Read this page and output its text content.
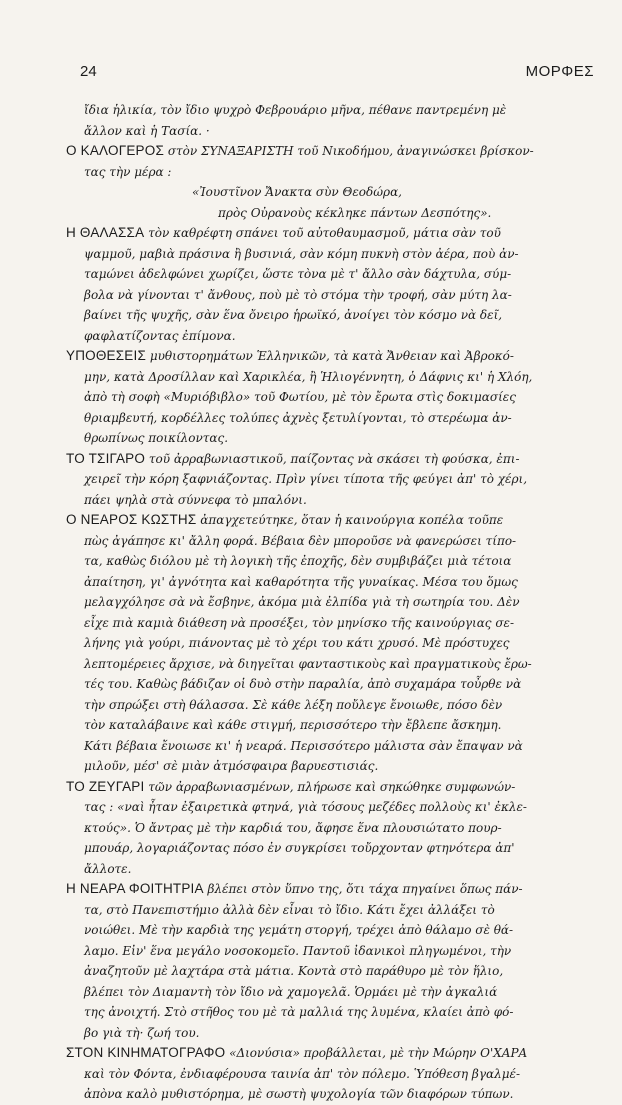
24	ΜΟΡΦΕΣ
ἴδια ἡλικία, τὸν ἴδιο ψυχρὸ Φεβρουάριο μῆνα, πέθανε παντρεμένη μὲ
ἄλλον καὶ ἡ Τασία. ·
Ο ΚΑΛΟΓΕΡΟΣ στὸν ΣΥΝΑΞΑΡΙΣΤΗ τοῦ Νικοδήμου, ἀναγινώσκει βρίσκον-
τας τὴν μέρα :
«Ἰουστῖνον Ἄνακτα σὺν Θεοδώρα,
πρὸς Οὐρανοὺς κέκληκε πάντων Δεσπότης».
Η ΘΑΛΑΣΣΑ τὸν καθρέφτη σπάνει τοῦ αὐτοθαυμασμοῦ, μάτια σὰν τοῦ
ψαμμοῦ, μαβιὰ πράσινα ἢ βυσινιά, σὰν κόμη πυκνὴ στὸν ἀέρα, ποὺ ἀν-
ταμώνει ἀδελφώνει χωρίζει, ὥστε τὸνα μὲ τ' ἄλλο σὰν δάχτυλα, σύμ-
βολα νὰ γίνονται τ' ἄνθους, ποὺ μὲ τὸ στόμα τὴν τροφή, σὰν μύτη λα-
βαίνει τῆς ψυχῆς, σὰν ἕνα ὄνειρο ἡρωϊκό, ἀνοίγει τὸν κόσμο νὰ δεῖ,
φαφλατίζοντας ἐπίμονα.
ΥΠΟΘΕΣΕΙΣ μυθιστορημάτων Ἑλληνικῶν, τὰ κατὰ Ἄνθειαν καὶ Ἀβροκό-
μην, κατὰ Δροσίλλαν καὶ Χαρικλέα, ἢ Ἡλιογέννητη, ὁ Δάφνις κι' ἡ Χλόη,
ἀπὸ τὴ σοφὴ «Μυριόβιβλο» τοῦ Φωτίου, μὲ τὸν ἔρωτα στὶς δοκιμασίες
θριαμβευτή, κορδέλλες τολύπες ἀχνὲς ξετυλίγονται, τὸ στερέωμα ἀν-
θρωπίνως ποικίλοντας.
ΤΟ ΤΣΙΓΑΡΟ τοῦ ἀρραβωνιαστικοῦ, παίζοντας νὰ σκάσει τὴ φούσκα, ἐπι-
χειρεῖ τὴν κόρη ξαφνιάζοντας. Πρὶν γίνει τίποτα τῆς φεύγει ἀπ' τὸ χέρι,
πάει ψηλὰ στὰ σύννεφα τὸ μπαλόνι.
Ο ΝΕΑΡΟΣ ΚΩΣΤΗΣ ἀπαγχετεύτηκε, ὅταν ἡ καινούργια κοπέλα τοῦπε
πὼς ἀγάπησε κι' ἄλλη φορά. Βέβαια δὲν μποροῦσε νὰ φανερώσει τίπο-
τα, καθὼς διόλου μὲ τὴ λογικὴ τῆς ἐποχῆς, δὲν συμβιβάζει μιὰ τέτοια
ἀπαίτηση, γι' ἀγνότητα καὶ καθαρότητα τῆς γυναίκας. Μέσα του ὅμως
μελαγχόλησε σὰ νὰ ἔσβηνε, ἀκόμα μιὰ ἐλπίδα γιὰ τὴ σωτηρία του. Δὲν
εἶχε πιὰ καμιὰ διάθεση νὰ προσέξει, τὸν μηνίσκο τῆς καινούργιας σε-
λήνης γιὰ γούρι, πιάνοντας μὲ τὸ χέρι του κάτι χρυσό. Μὲ πρόστυχες
λεπτομέρειες ἄρχισε, νὰ διηγεῖται φανταστικοὺς καὶ πραγματικοὺς ἔρω-
τές του. Καθὼς βάδιζαν οἱ δυὸ στὴν παραλία, ἀπὸ συχαμάρα τοὖρθε νὰ
τὴν σπρώξει στὴ θάλασσα. Σὲ κάθε λέξη ποὔλεγε ἔνοιωθε, πόσο δὲν
τὸν καταλάβαινε καὶ κάθε στιγμή, περισσότερο τὴν ἔβλεπε ἄσκημη.
Κάτι βέβαια ἔνοιωσε κι' ἡ νεαρά. Περισσότερο μάλιστα σὰν ἔπαψαν νὰ
μιλοῦν, μέσ' σὲ μιὰν ἀτμόσφαιρα βαρυεστισιάς.
ΤΟ ΖΕΥΓΑΡΙ τῶν ἀρραβωνιασμένων, πλήρωσε καὶ σηκώθηκε συμφωνών-
τας : «ναὶ ἦταν ἐξαιρετικὰ φτηνά, γιὰ τόσους μεζέδες πολλοὺς κι' ἐκλε-
κτούς». Ὁ ἄντρας μὲ τὴν καρδιά του, ἄφησε ἕνα πλουσιώτατο πουρ-
μπουάρ, λογαριάζοντας πόσο ἐν συγκρίσει τοὔρχονταν φτηνότερα ἀπ'
ἄλλοτε.
Η ΝΕΑΡΑ ΦΟΙΤΗΤΡΙΑ βλέπει στὸν ὕπνο της, ὅτι τάχα πηγαίνει ὅπως πάν-
τα, στὸ Πανεπιστήμιο ἀλλὰ δὲν εἶναι τὸ ἴδιο. Κάτι ἔχει ἀλλάξει τὸ
νοιώθει. Μὲ τὴν καρδιὰ της γεμάτη στοργή, τρέχει ἀπὸ θάλαμο σὲ θά-
λαμο. Εἰν' ἕνα μεγάλο νοσοκομεῖο. Παντοῦ ἰδανικοὶ πληγωμένοι, τὴν
ἀναζητοῦν μὲ λαχτάρα στὰ μάτια. Κοντὰ στὸ παράθυρο μὲ τὸν ἥλιο,
βλέπει τὸν Διαμαντὴ τὸν ἴδιο νὰ χαμογελᾶ. Ὁρμάει μὲ τὴν ἀγκαλιά
της ἀνοιχτή. Στὸ στῆθος του μὲ τὰ μαλλιά της λυμένα, κλαίει ἀπὸ φό-
βο γιὰ τὴ· ζωή του.
ΣΤΟΝ ΚΙΝΗΜΑΤΟΓΡΑΦΟ «Διονύσια» προβάλλεται, μὲ τὴν Μώρην Ο'ΧΑΡΑ
καὶ τὸν Φόντα, ἐνδιαφέρουσα ταινία ἀπ' τὸν πόλεμο. Ὑπόθεση βγαλμέ-
ἀπὸνα καλὸ μυθιστόρημα, μὲ σωστὴ ψυχολογία τῶν διαφόρων τύπων.
